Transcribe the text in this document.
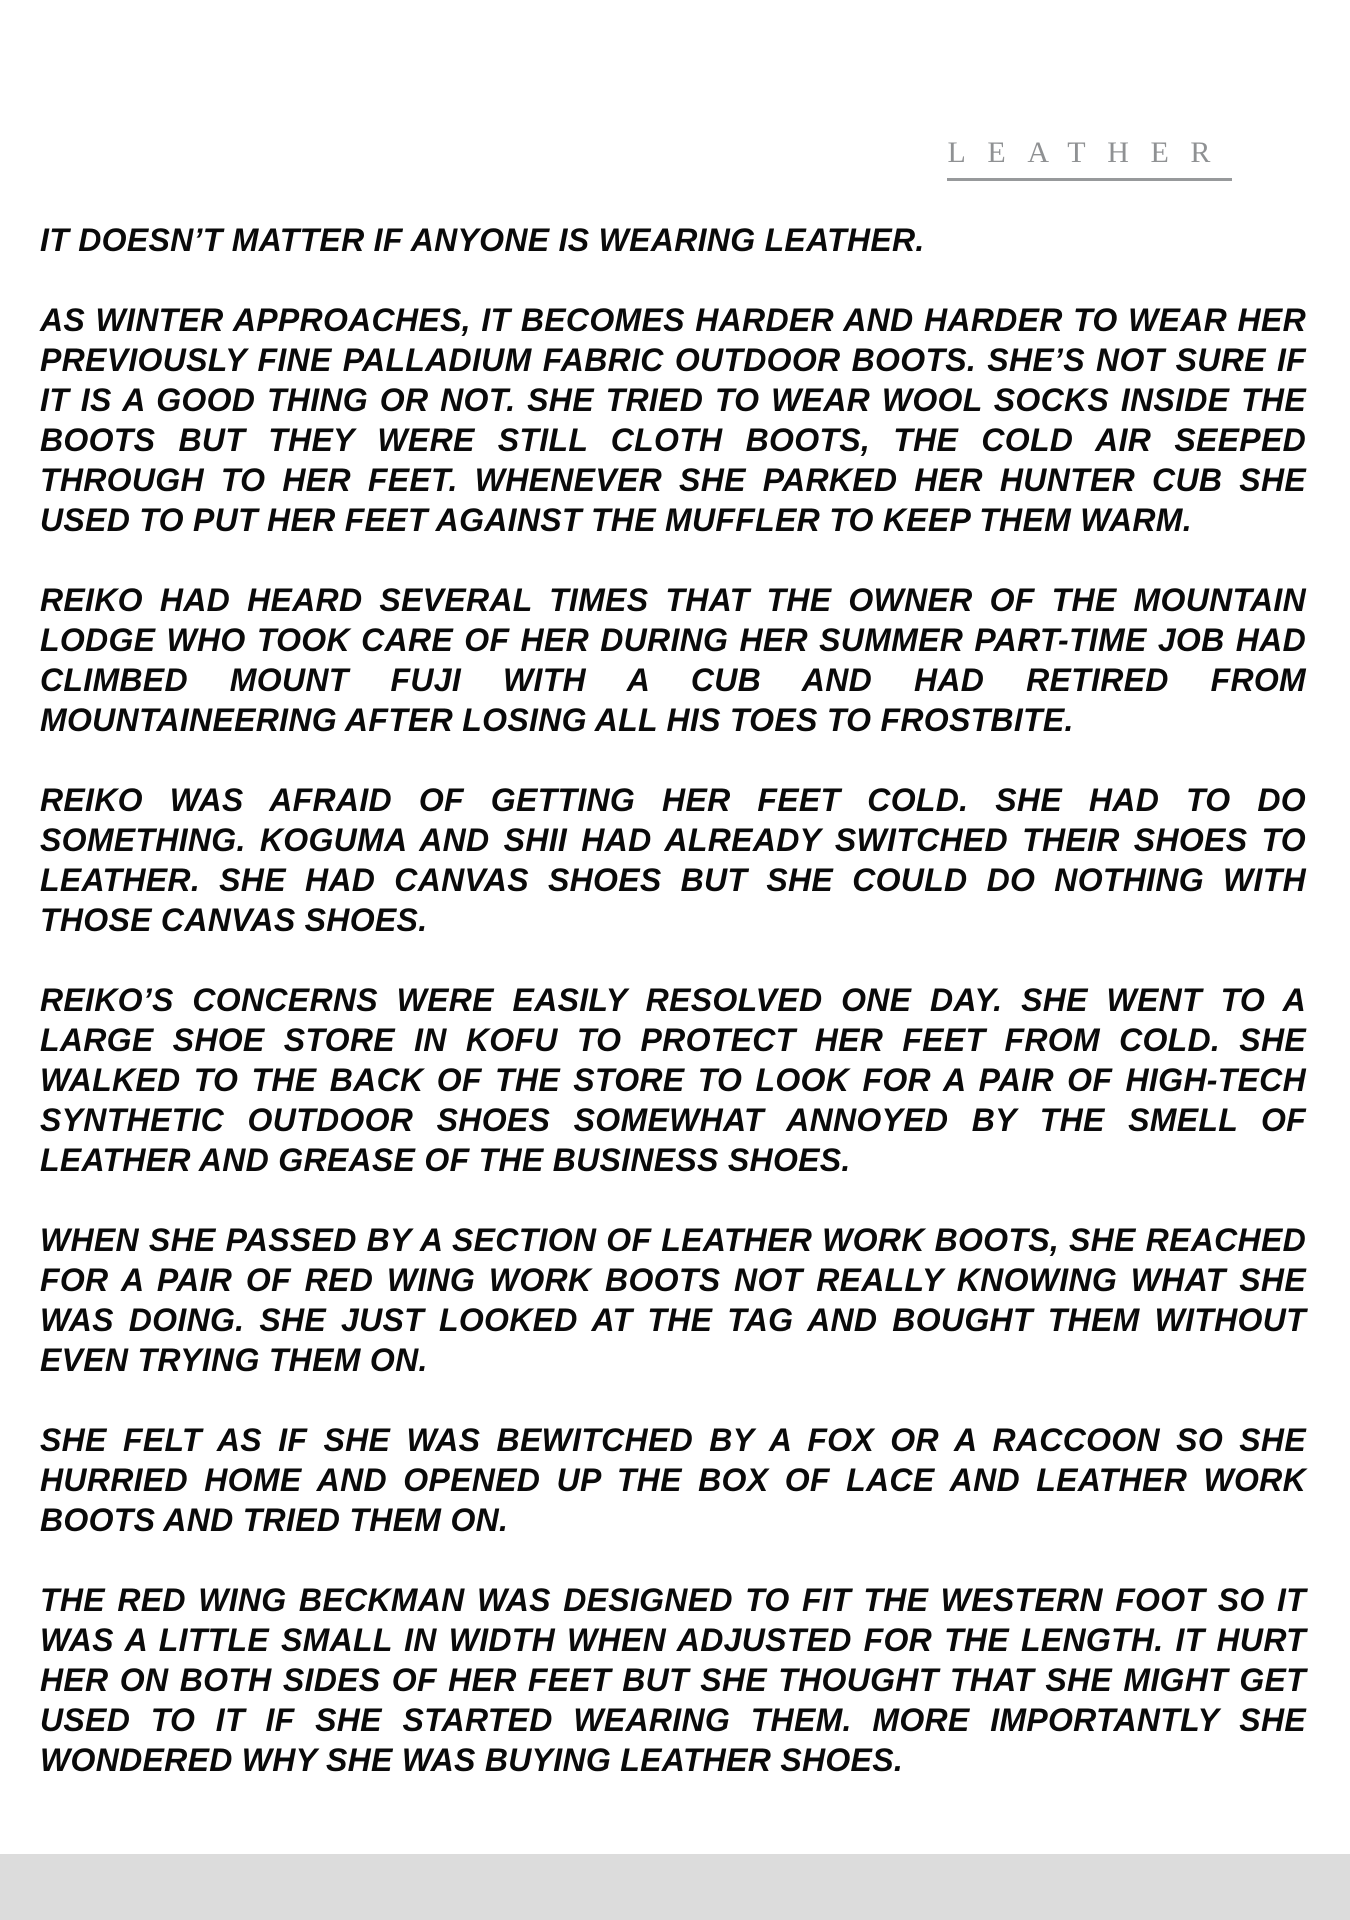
LEATHER

IT DOESN’T MATTER IF ANYONE IS WEARING LEATHER.

AS WINTER APPROACHES, IT BECOMES HARDER AND HARDER TO WEAR HER PREVIOUSLY FINE PALLADIUM FABRIC OUTDOOR BOOTS. SHE’S NOT SURE IF IT IS A GOOD THING OR NOT. SHE TRIED TO WEAR WOOL SOCKS INSIDE THE BOOTS BUT THEY WERE STILL CLOTH BOOTS, THE COLD AIR SEEPED THROUGH TO HER FEET. WHENEVER SHE PARKED HER HUNTER CUB SHE USED TO PUT HER FEET AGAINST THE MUFFLER TO KEEP THEM WARM.

REIKO HAD HEARD SEVERAL TIMES THAT THE OWNER OF THE MOUNTAIN LODGE WHO TOOK CARE OF HER DURING HER SUMMER PART-TIME JOB HAD CLIMBED MOUNT FUJI WITH A CUB AND HAD RETIRED FROM MOUNTAINEERING AFTER LOSING ALL HIS TOES TO FROSTBITE.

REIKO WAS AFRAID OF GETTING HER FEET COLD. SHE HAD TO DO SOMETHING. KOGUMA AND SHII HAD ALREADY SWITCHED THEIR SHOES TO LEATHER. SHE HAD CANVAS SHOES BUT SHE COULD DO NOTHING WITH THOSE CANVAS SHOES.

REIKO’S CONCERNS WERE EASILY RESOLVED ONE DAY. SHE WENT TO A LARGE SHOE STORE IN KOFU TO PROTECT HER FEET FROM COLD. SHE WALKED TO THE BACK OF THE STORE TO LOOK FOR A PAIR OF HIGH-TECH SYNTHETIC OUTDOOR SHOES SOMEWHAT ANNOYED BY THE SMELL OF LEATHER AND GREASE OF THE BUSINESS SHOES.

WHEN SHE PASSED BY A SECTION OF LEATHER WORK BOOTS, SHE REACHED FOR A PAIR OF RED WING WORK BOOTS NOT REALLY KNOWING WHAT SHE WAS DOING. SHE JUST LOOKED AT THE TAG AND BOUGHT THEM WITHOUT EVEN TRYING THEM ON.

SHE FELT AS IF SHE WAS BEWITCHED BY A FOX OR A RACCOON SO SHE HURRIED HOME AND OPENED UP THE BOX OF LACE AND LEATHER WORK BOOTS AND TRIED THEM ON.

THE RED WING BECKMAN WAS DESIGNED TO FIT THE WESTERN FOOT SO IT WAS A LITTLE SMALL IN WIDTH WHEN ADJUSTED FOR THE LENGTH. IT HURT HER ON BOTH SIDES OF HER FEET BUT SHE THOUGHT THAT SHE MIGHT GET USED TO IT IF SHE STARTED WEARING THEM. MORE IMPORTANTLY SHE WONDERED WHY SHE WAS BUYING LEATHER SHOES.
